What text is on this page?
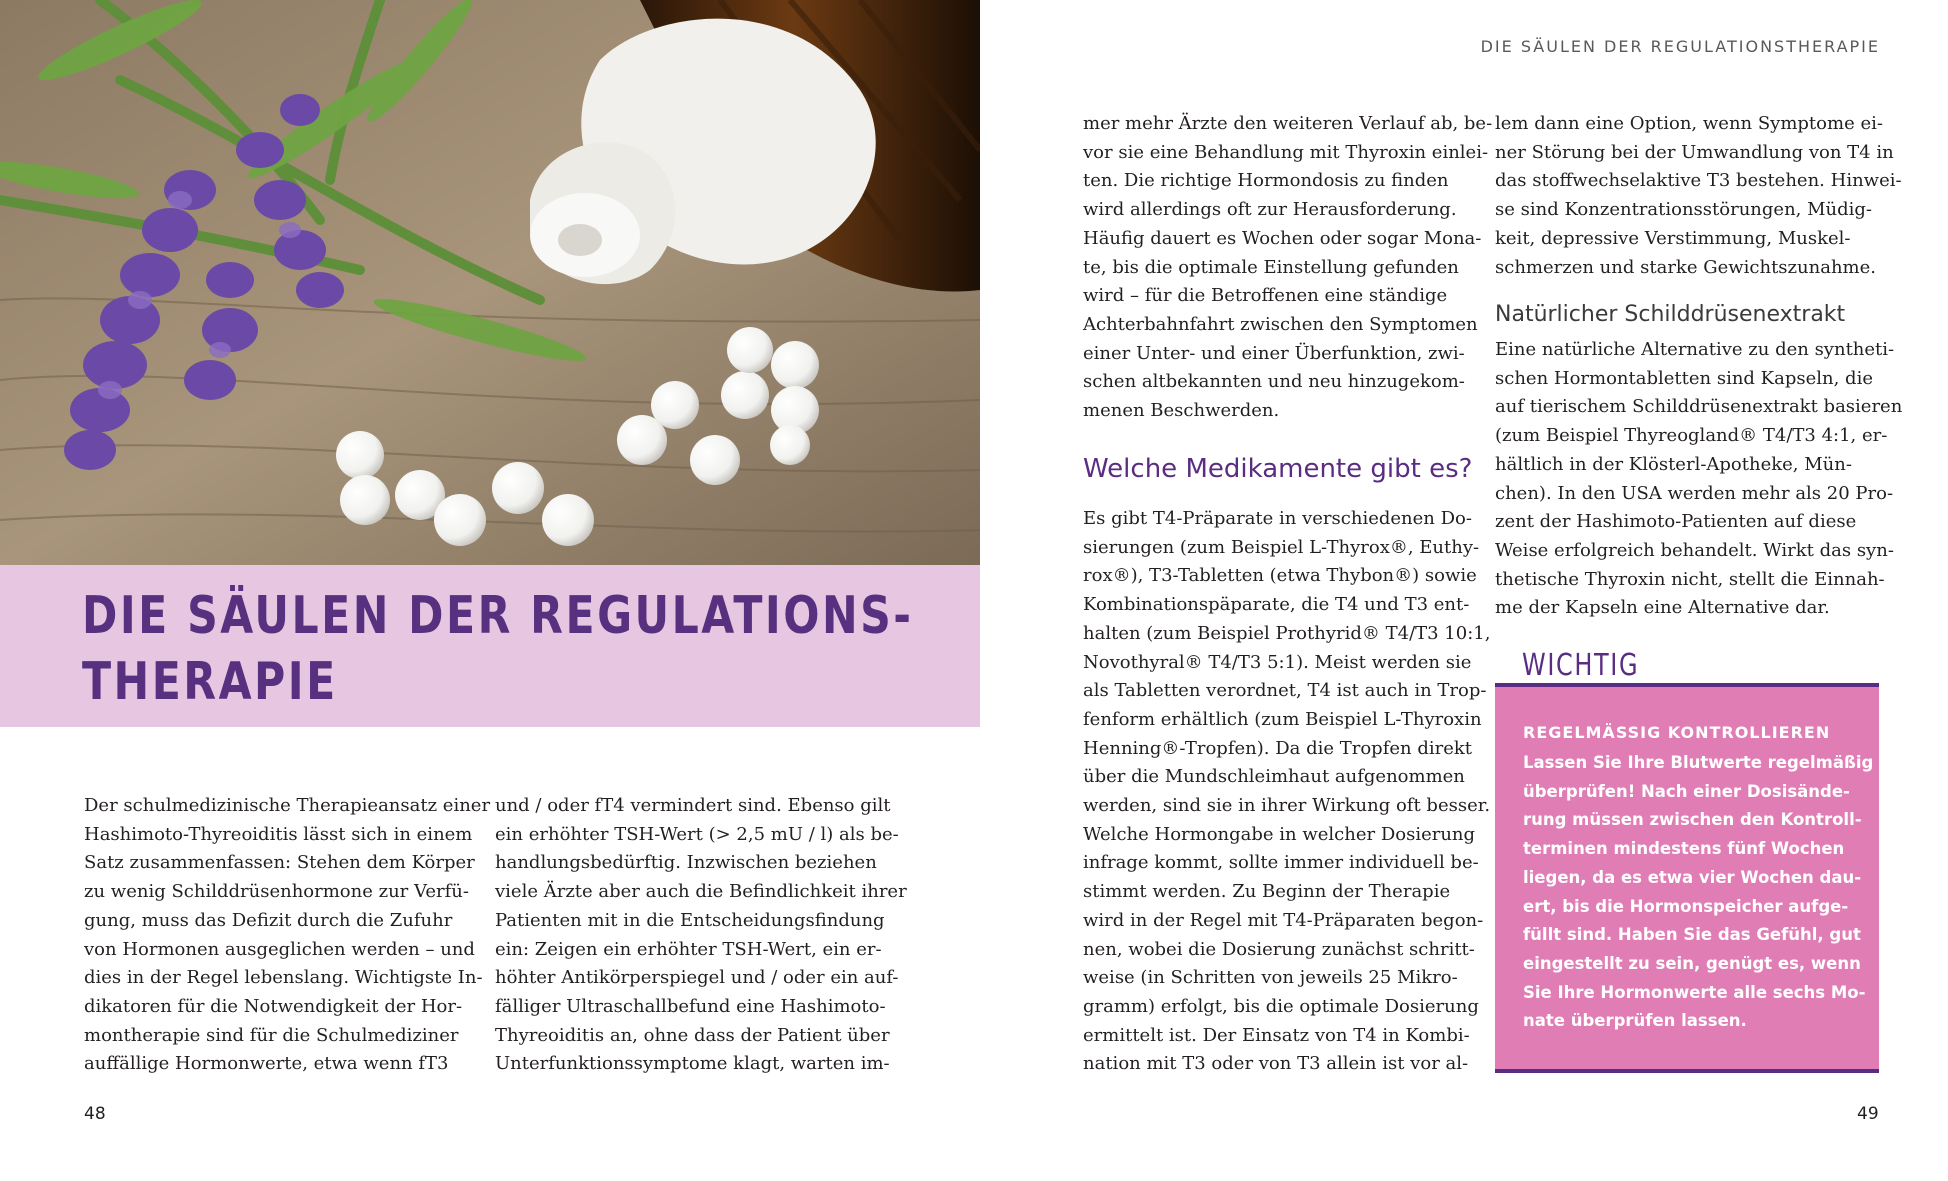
DIE SÄULEN DER REGULATIONS-
THERAPIE
Der schulmedizinische Therapieansatz einer
Hashimoto-Thyreoiditis lässt sich in einem
Satz zusammenfassen: Stehen dem Körper
zu wenig Schilddrüsenhormone zur Verfü-
gung, muss das Defizit durch die Zufuhr
von Hormonen ausgeglichen werden – und
dies in der Regel lebenslang. Wichtigste In-
dikatoren für die Notwendigkeit der Hor-
montherapie sind für die Schulmediziner
auffällige Hormonwerte, etwa wenn fT3
und / oder fT4 vermindert sind. Ebenso gilt
ein erhöhter TSH-Wert (> 2,5 mU / l) als be-
handlungsbedürftig. Inzwischen beziehen
viele Ärzte aber auch die Befindlichkeit ihrer
Patienten mit in die Entscheidungsfindung
ein: Zeigen ein erhöhter TSH-Wert, ein er-
höhter Antikörperspiegel und / oder ein auf-
fälliger Ultraschallbefund eine Hashimoto-
Thyreoiditis an, ohne dass der Patient über
Unterfunktionssymptome klagt, warten im-
48
DIE SÄULEN DER REGULATIONSTHERAPIE
mer mehr Ärzte den weiteren Verlauf ab, be-
vor sie eine Behandlung mit Thyroxin einlei-
ten. Die richtige Hormondosis zu finden
wird allerdings oft zur Herausforderung.
Häufig dauert es Wochen oder sogar Mona-
te, bis die optimale Einstellung gefunden
wird – für die Betroffenen eine ständige
Achterbahnfahrt zwischen den Symptomen
einer Unter- und einer Überfunktion, zwi-
schen altbekannten und neu hinzugekom-
menen Beschwerden.
Welche Medikamente gibt es?
Es gibt T4-Präparate in verschiedenen Do-
sierungen (zum Beispiel L-Thyrox®, Euthy-
rox®), T3-Tabletten (etwa Thybon®) sowie
Kombinationspäparate, die T4 und T3 ent-
halten (zum Beispiel Prothyrid® T4/T3 10:1,
Novothyral® T4/T3 5:1). Meist werden sie
als Tabletten verordnet, T4 ist auch in Trop-
fenform erhältlich (zum Beispiel L-Thyroxin
Henning®-Tropfen). Da die Tropfen direkt
über die Mundschleimhaut aufgenommen
werden, sind sie in ihrer Wirkung oft besser.
Welche Hormongabe in welcher Dosierung
infrage kommt, sollte immer individuell be-
stimmt werden. Zu Beginn der Therapie
wird in der Regel mit T4-Präparaten begon-
nen, wobei die Dosierung zunächst schritt-
weise (in Schritten von jeweils 25 Mikro-
gramm) erfolgt, bis die optimale Dosierung
ermittelt ist. Der Einsatz von T4 in Kombi-
nation mit T3 oder von T3 allein ist vor al-
lem dann eine Option, wenn Symptome ei-
ner Störung bei der Umwandlung von T4 in
das stoffwechselaktive T3 bestehen. Hinwei-
se sind Konzentrationsstörungen, Müdig-
keit, depressive Verstimmung, Muskel-
schmerzen und starke Gewichtszunahme.
Natürlicher Schilddrüsenextrakt
Eine natürliche Alternative zu den syntheti-
schen Hormontabletten sind Kapseln, die
auf tierischem Schilddrüsenextrakt basieren
(zum Beispiel Thyreogland® T4/T3 4:1, er-
hältlich in der Klösterl-Apotheke, Mün-
chen). In den USA werden mehr als 20 Pro-
zent der Hashimoto-Patienten auf diese
Weise erfolgreich behandelt. Wirkt das syn-
thetische Thyroxin nicht, stellt die Einnah-
me der Kapseln eine Alternative dar.
WICHTIG
REGELMÄSSIG KONTROLLIEREN
Lassen Sie Ihre Blutwerte regelmäßig
überprüfen! Nach einer Dosisände-
rung müssen zwischen den Kontroll-
terminen mindestens fünf Wochen
liegen, da es etwa vier Wochen dau-
ert, bis die Hormonspeicher aufge-
füllt sind. Haben Sie das Gefühl, gut
eingestellt zu sein, genügt es, wenn
Sie Ihre Hormonwerte alle sechs Mo-
nate überprüfen lassen.
49
